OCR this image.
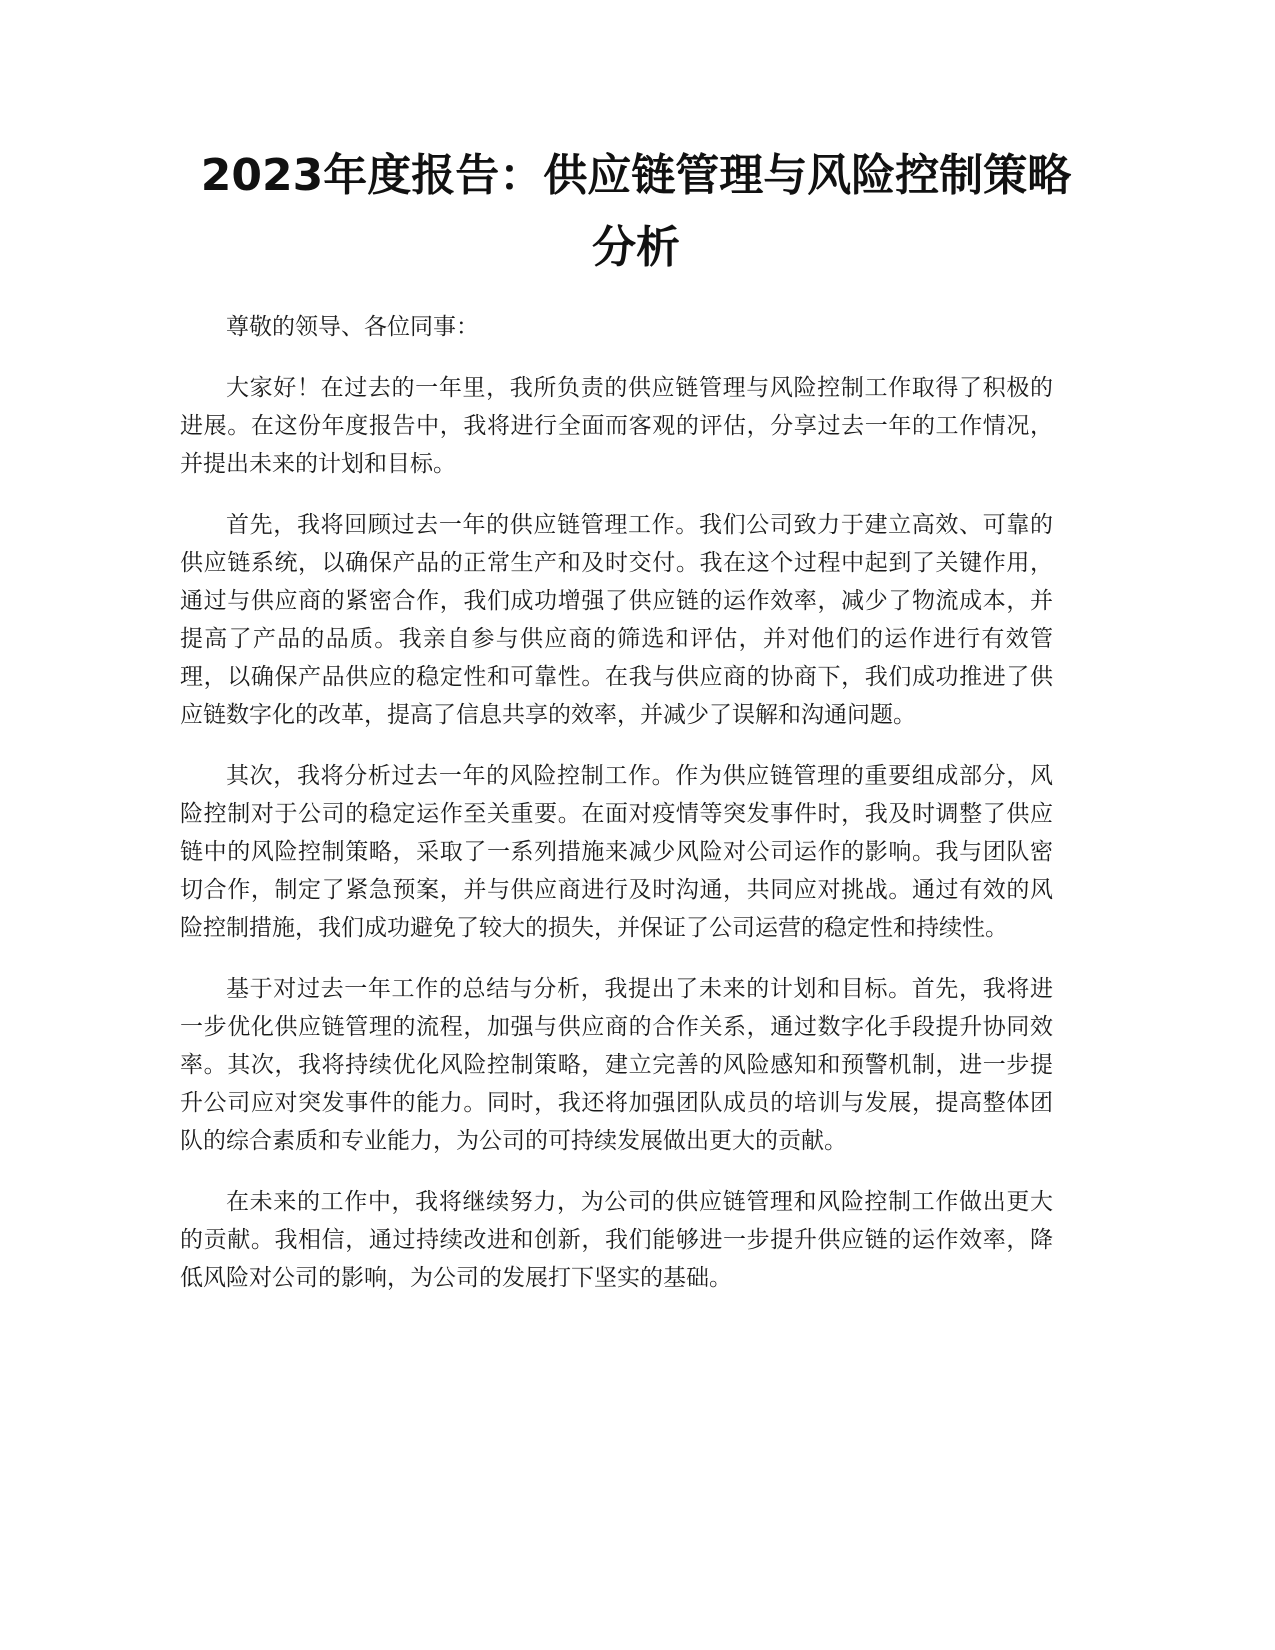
2023年度报告：供应链管理与风险控制策略分析

尊敬的领导、各位同事：

大家好！在过去的一年里，我所负责的供应链管理与风险控制工作取得了积极的进展。在这份年度报告中，我将进行全面而客观的评估，分享过去一年的工作情况，并提出未来的计划和目标。

首先，我将回顾过去一年的供应链管理工作。我们公司致力于建立高效、可靠的供应链系统，以确保产品的正常生产和及时交付。我在这个过程中起到了关键作用，通过与供应商的紧密合作，我们成功增强了供应链的运作效率，减少了物流成本，并提高了产品的品质。我亲自参与供应商的筛选和评估，并对他们的运作进行有效管理，以确保产品供应的稳定性和可靠性。在我与供应商的协商下，我们成功推进了供应链数字化的改革，提高了信息共享的效率，并减少了误解和沟通问题。

其次，我将分析过去一年的风险控制工作。作为供应链管理的重要组成部分，风险控制对于公司的稳定运作至关重要。在面对疫情等突发事件时，我及时调整了供应链中的风险控制策略，采取了一系列措施来减少风险对公司运作的影响。我与团队密切合作，制定了紧急预案，并与供应商进行及时沟通，共同应对挑战。通过有效的风险控制措施，我们成功避免了较大的损失，并保证了公司运营的稳定性和持续性。

基于对过去一年工作的总结与分析，我提出了未来的计划和目标。首先，我将进一步优化供应链管理的流程，加强与供应商的合作关系，通过数字化手段提升协同效率。其次，我将持续优化风险控制策略，建立完善的风险感知和预警机制，进一步提升公司应对突发事件的能力。同时，我还将加强团队成员的培训与发展，提高整体团队的综合素质和专业能力，为公司的可持续发展做出更大的贡献。

在未来的工作中，我将继续努力，为公司的供应链管理和风险控制工作做出更大的贡献。我相信，通过持续改进和创新，我们能够进一步提升供应链的运作效率，降低风险对公司的影响，为公司的发展打下坚实的基础。
